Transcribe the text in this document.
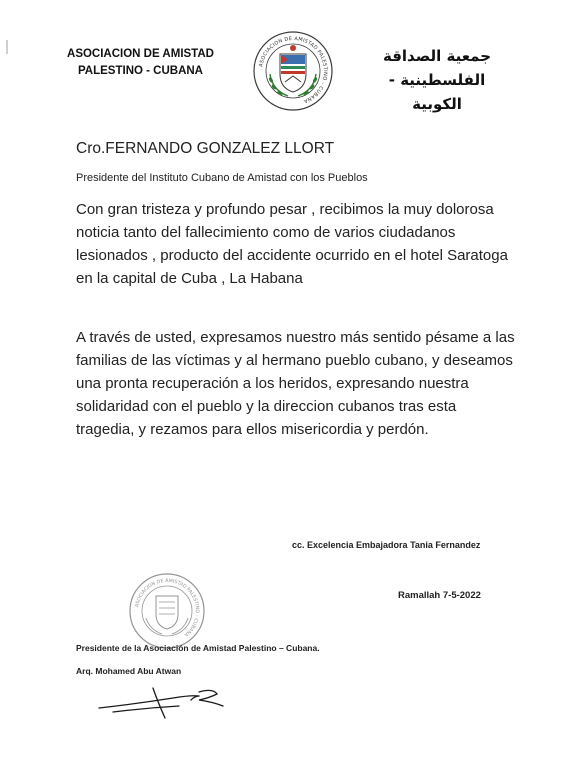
ASOCIACION DE AMISTAD
PALESTINO - CUBANA	ASOCIACION DE AMISTAD PALESTINO - CUBANA
جمعية الصداقة
الفلسطينية - الكوبية
Cro.FERNANDO GONZALEZ LLORT
Presidente del Instituto Cubano de Amistad con los Pueblos

Con gran tristeza y profundo pesar , recibimos la muy dolorosa noticia tanto del fallecimiento como de varios ciudadanos lesionados , producto del accidente ocurrido en el hotel Saratoga en la capital de Cuba , La Habana

A través de usted, expresamos nuestro más sentido pésame a las familias de las víctimas y al hermano pueblo cubano, y deseamos una pronta recuperación a los heridos, expresando nuestra solidaridad con el pueblo y la direccion cubanos tras esta tragedia, y rezamos para ellos misericordia y perdón.

cc. Excelencia Embajadora Tania Fernandez
ASOCIACION DE AMISTAD PALESTINO - CUBANA
Ramallah 7-5-2022
Presidente de la Asociación de Amistad Palestino – Cubana.
Arq. Mohamed Abu Atwan
